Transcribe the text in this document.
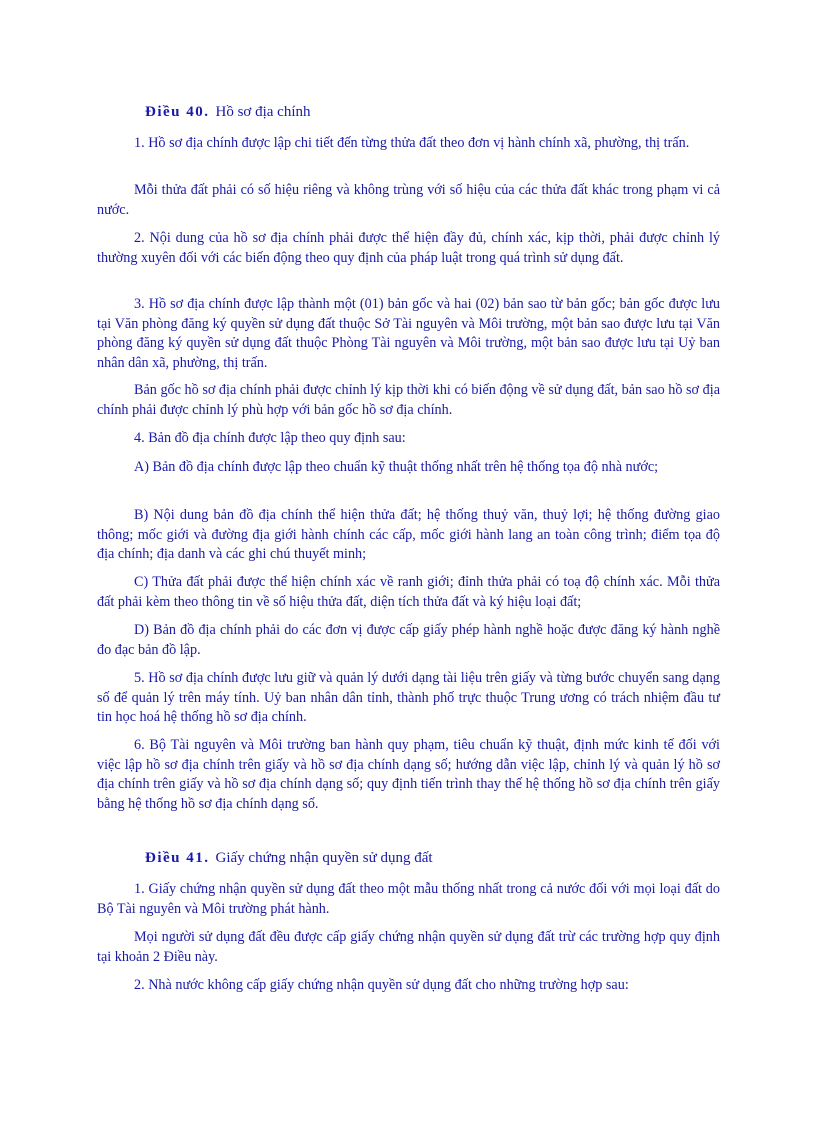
Điều 40. Hồ sơ địa chính

1. Hồ sơ địa chính được lập chi tiết đến từng thửa đất theo đơn vị hành chính xã, phường, thị trấn.

Mỗi thửa đất phải có số hiệu riêng và không trùng với số hiệu của các thửa đất khác trong phạm vi cả nước.

2. Nội dung của hồ sơ địa chính phải được thể hiện đầy đủ, chính xác, kịp thời, phải được chỉnh lý thường xuyên đối với các biến động theo quy định của pháp luật trong quá trình sử dụng đất.

3. Hồ sơ địa chính được lập thành một (01) bản gốc và hai (02) bản sao từ bản gốc; bản gốc được lưu tại Văn phòng đăng ký quyền sử dụng đất thuộc Sở Tài nguyên và Môi trường, một bản sao được lưu tại Văn phòng đăng ký quyền sử dụng đất thuộc Phòng Tài nguyên và Môi trường, một bản sao được lưu tại Uỷ ban nhân dân xã, phường, thị trấn.

Bản gốc hồ sơ địa chính phải được chỉnh lý kịp thời khi có biến động về sử dụng đất, bản sao hồ sơ địa chính phải được chỉnh lý phù hợp với bản gốc hồ sơ địa chính.

4. Bản đồ địa chính được lập theo quy định sau:

A) Bản đồ địa chính được lập theo chuẩn kỹ thuật thống nhất trên hệ thống tọa độ nhà nước;

B) Nội dung bản đồ địa chính thể hiện thửa đất; hệ thống thuỷ văn, thuỷ lợi; hệ thống đường giao thông; mốc giới và đường địa giới hành chính các cấp, mốc giới hành lang an toàn công trình; điểm tọa độ địa chính; địa danh và các ghi chú thuyết minh;

C) Thửa đất phải được thể hiện chính xác về ranh giới; đỉnh thửa phải có toạ độ chính xác. Mỗi thửa đất phải kèm theo thông tin về số hiệu thửa đất, diện tích thửa đất và ký hiệu loại đất;

D) Bản đồ địa chính phải do các đơn vị được cấp giấy phép hành nghề hoặc được đăng ký hành nghề đo đạc bản đồ lập.

5. Hồ sơ địa chính được lưu giữ và quản lý dưới dạng tài liệu trên giấy và từng bước chuyển sang dạng số để quản lý trên máy tính. Uỷ ban nhân dân tỉnh, thành phố trực thuộc Trung ương có trách nhiệm đầu tư tin học hoá hệ thống hồ sơ địa chính.

6. Bộ Tài nguyên và Môi trường ban hành quy phạm, tiêu chuẩn kỹ thuật, định mức kinh tế đối với việc lập hồ sơ địa chính trên giấy và hồ sơ địa chính dạng số; hướng dẫn việc lập, chỉnh lý và quản lý hồ sơ địa chính trên giấy và hồ sơ địa chính dạng số; quy định tiến trình thay thế hệ thống hồ sơ địa chính trên giấy bằng hệ thống hồ sơ địa chính dạng số.

Điều 41. Giấy chứng nhận quyền sử dụng đất

1. Giấy chứng nhận quyền sử dụng đất theo một mẫu thống nhất trong cả nước đối với mọi loại đất do Bộ Tài nguyên và Môi trường phát hành.

Mọi người sử dụng đất đều được cấp giấy chứng nhận quyền sử dụng đất trừ các trường hợp quy định tại khoản 2 Điều này.

2. Nhà nước không cấp giấy chứng nhận quyền sử dụng đất cho những trường hợp sau:
